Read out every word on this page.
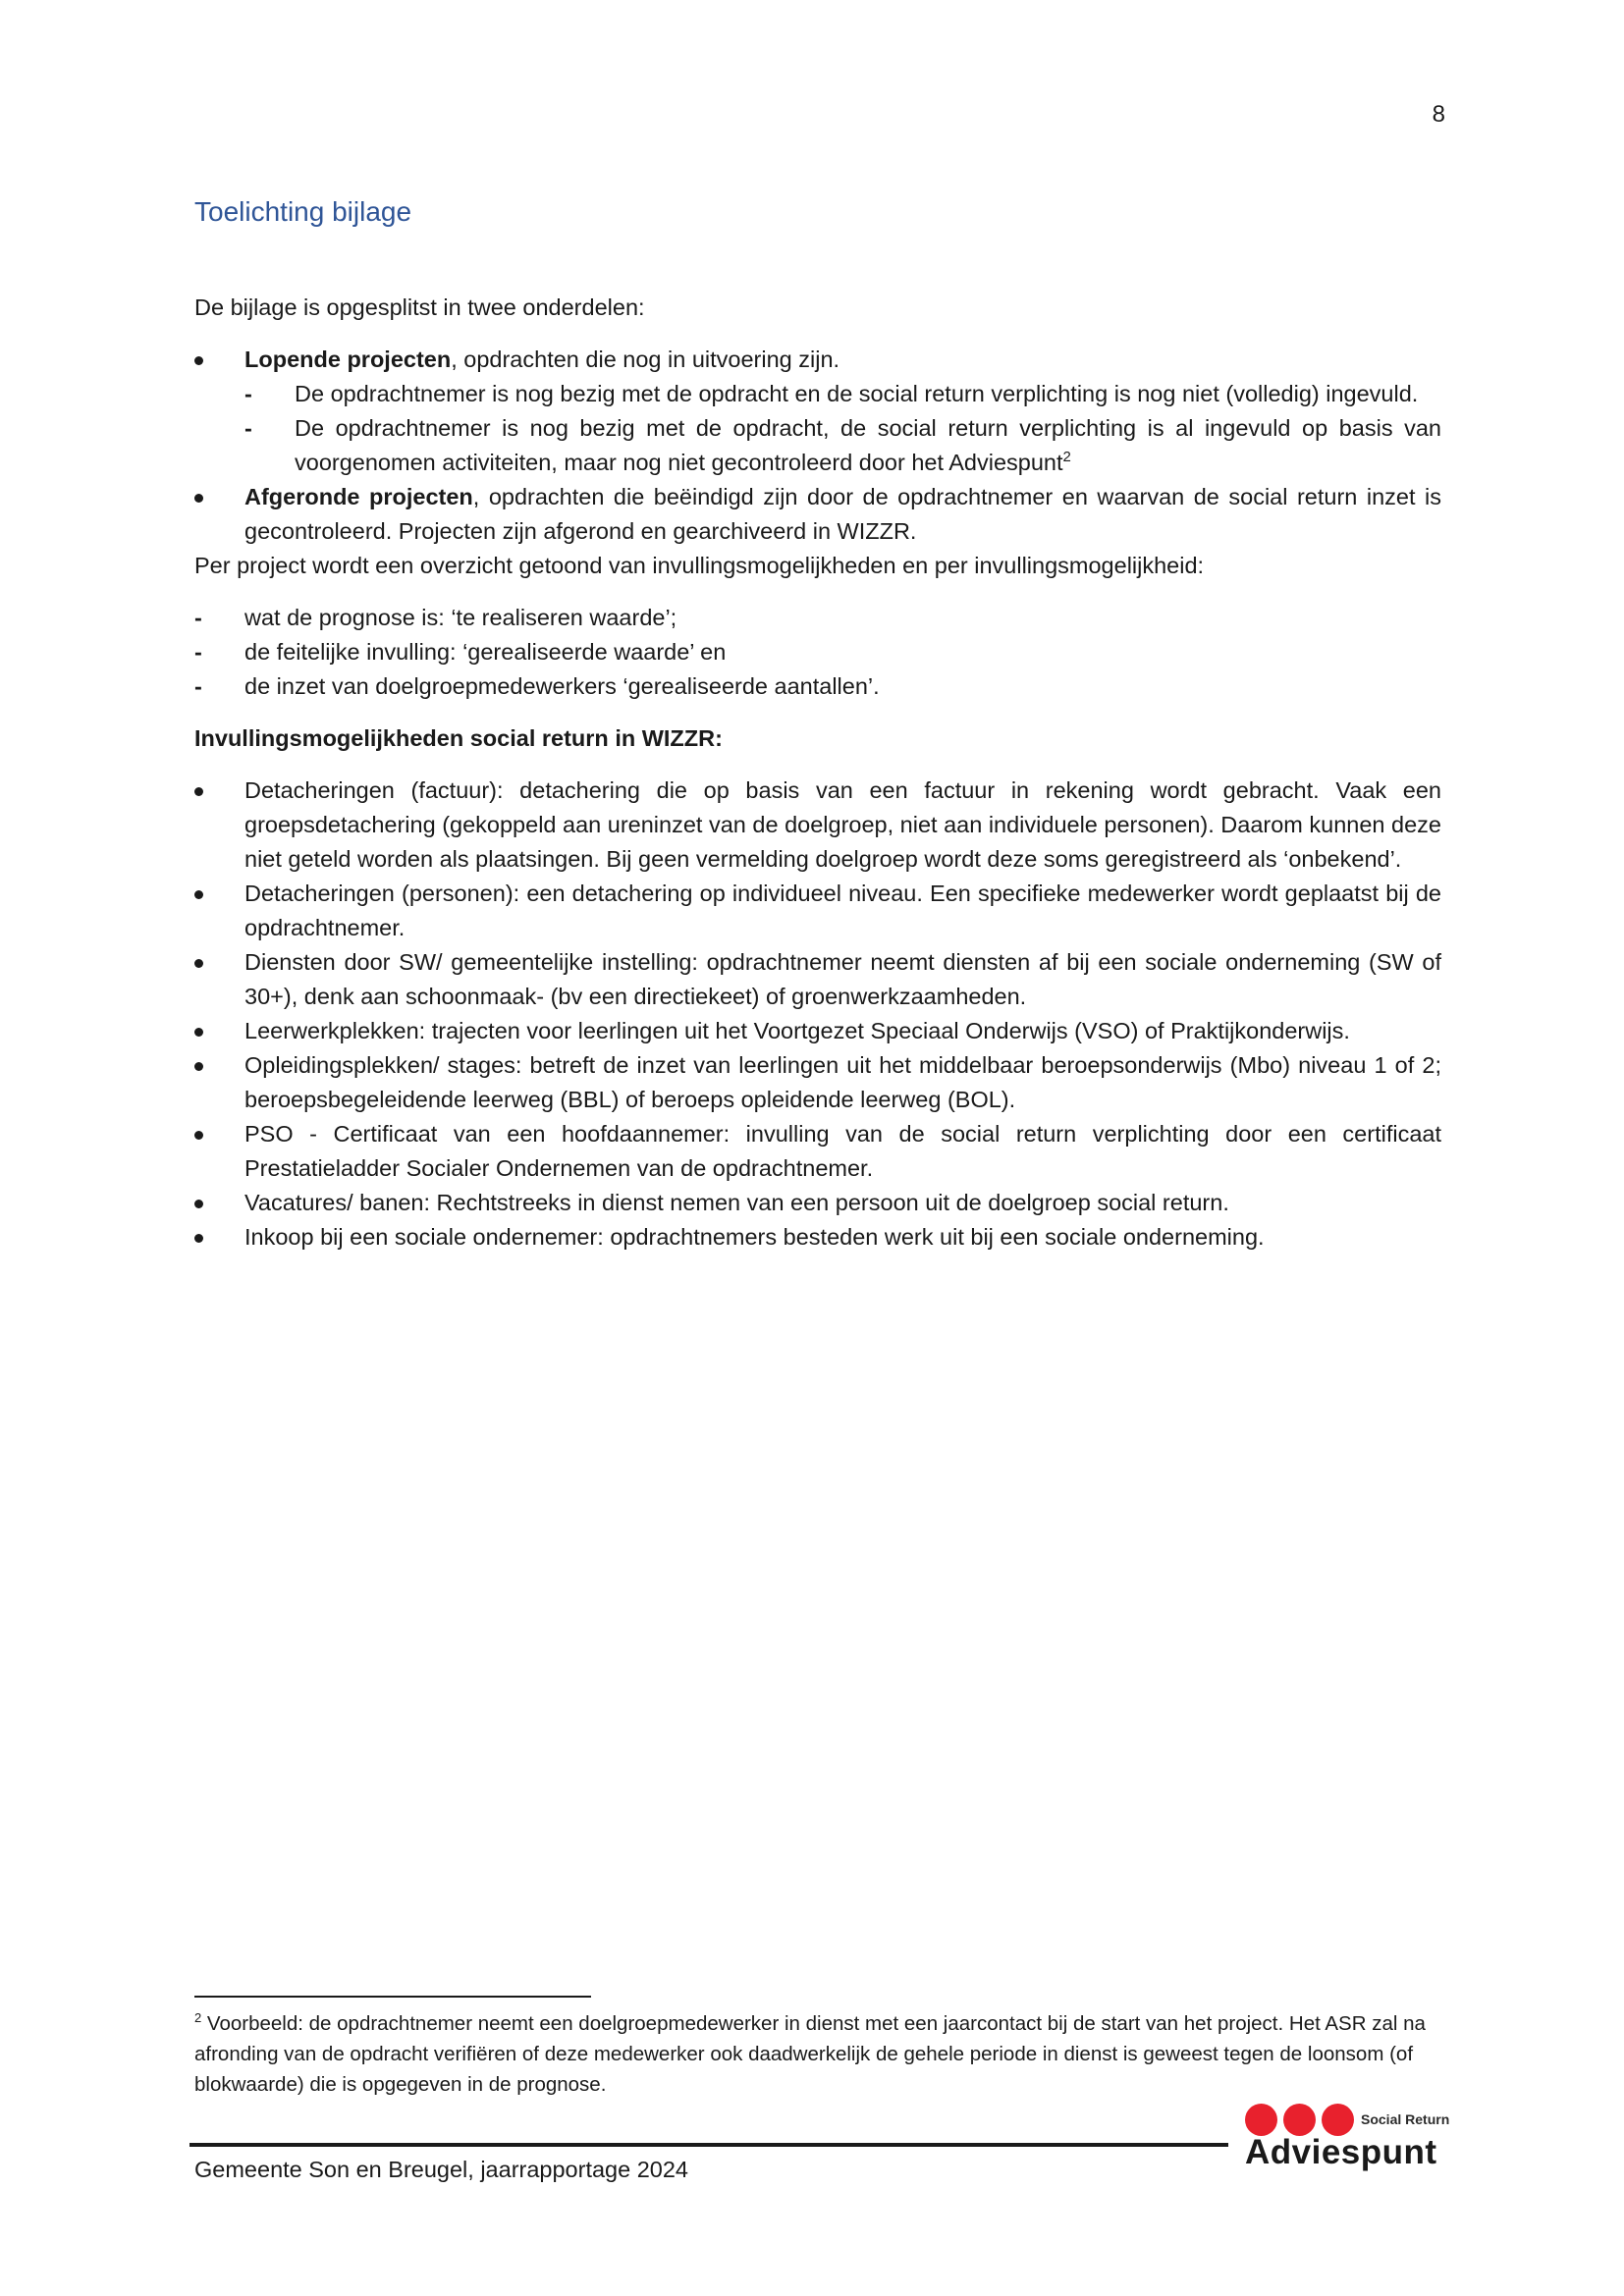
8
Toelichting bijlage

De bijlage is opgesplitst in twee onderdelen:

Lopende projecten, opdrachten die nog in uitvoering zijn.
- De opdrachtnemer is nog bezig met de opdracht en de social return verplichting is nog niet (volledig) ingevuld.
- De opdrachtnemer is nog bezig met de opdracht, de social return verplichting is al ingevuld op basis van voorgenomen activiteiten, maar nog niet gecontroleerd door het Adviespunt$^2$
Afgeronde projecten, opdrachten die beëindigd zijn door de opdrachtnemer en waarvan de social return inzet is gecontroleerd. Projecten zijn afgerond en gearchiveerd in WIZZR.

Per project wordt een overzicht getoond van invullingsmogelijkheden en per invullingsmogelijkheid:

- wat de prognose is: ‘te realiseren waarde’;
- de feitelijke invulling: ‘gerealiseerde waarde’ en
- de inzet van doelgroepmedewerkers ‘gerealiseerde aantallen’.

Invullingsmogelijkheden social return in WIZZR:

Detacheringen (factuur): detachering die op basis van een factuur in rekening wordt gebracht. Vaak een groepsdetachering (gekoppeld aan ureninzet van de doelgroep, niet aan individuele personen). Daarom kunnen deze niet geteld worden als plaatsingen. Bij geen vermelding doelgroep wordt deze soms geregistreerd als ‘onbekend’.
Detacheringen (personen): een detachering op individueel niveau. Een specifieke medewerker wordt geplaatst bij de opdrachtnemer.
Diensten door SW/ gemeentelijke instelling: opdrachtnemer neemt diensten af bij een sociale onderneming (SW of 30+), denk aan schoonmaak- (bv een directiekeet) of groenwerkzaamheden.
Leerwerkplekken: trajecten voor leerlingen uit het Voortgezet Speciaal Onderwijs (VSO) of Praktijkonderwijs.
Opleidingsplekken/ stages: betreft de inzet van leerlingen uit het middelbaar beroepsonderwijs (Mbo) niveau 1 of 2; beroepsbegeleidende leerweg (BBL) of beroeps opleidende leerweg (BOL).
PSO - Certificaat van een hoofdaannemer: invulling van de social return verplichting door een certificaat Prestatieladder Socialer Ondernemen van de opdrachtnemer.
Vacatures/ banen: Rechtstreeks in dienst nemen van een persoon uit de doelgroep social return.
Inkoop bij een sociale ondernemer: opdrachtnemers besteden werk uit bij een sociale onderneming.
$^2$ Voorbeeld: de opdrachtnemer neemt een doelgroepmedewerker in dienst met een jaarcontact bij de start van het project. Het ASR zal na afronding van de opdracht verifiëren of deze medewerker ook daadwerkelijk de gehele periode in dienst is geweest tegen de loonsom (of blokwaarde) die is opgegeven in de prognose.
Gemeente Son en Breugel, jaarrapportage 2024
Social Return
Adviespunt
